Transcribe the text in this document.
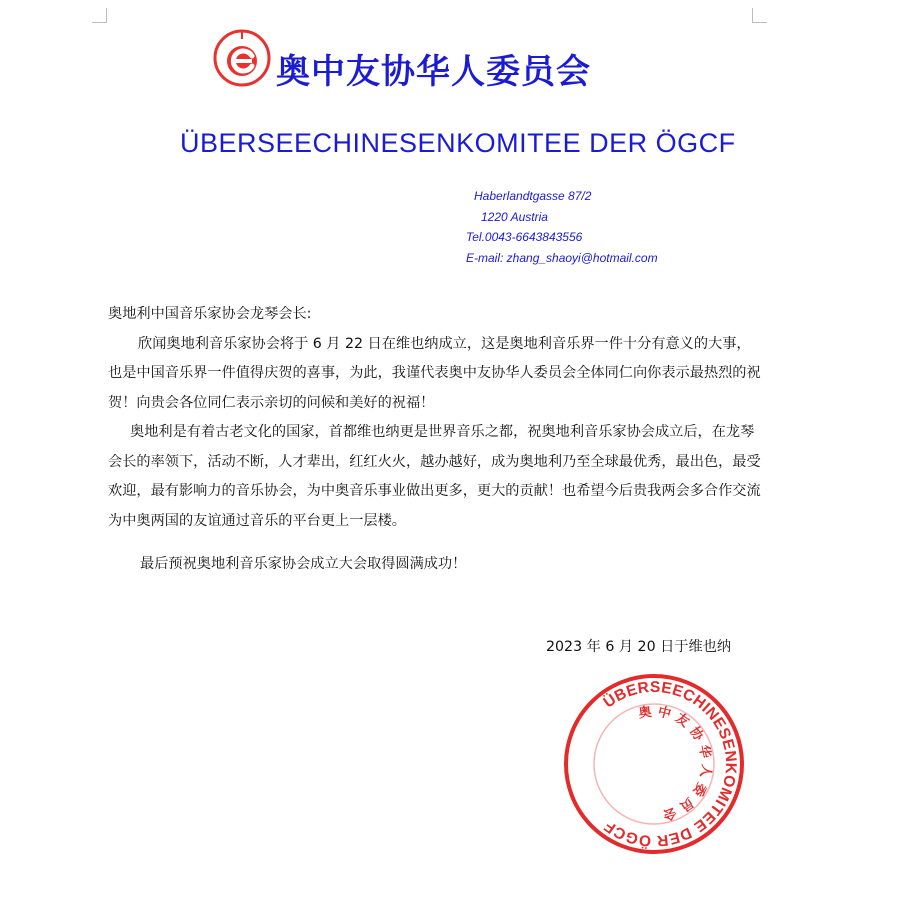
奥中友协华人委员会
ÜBERSEECHINESENKOMITEE DER ÖGCF
Haberlandtgasse 87/2
1220 Austria
Tel.0043-6643843556
E-mail: zhang_shaoyi@hotmail.com

奥地利中国音乐家协会龙琴会长:

欣闻奥地利音乐家协会将于 6 月 22 日在维也纳成立，这是奥地利音乐界一件十分有意义的大事，也是中国音乐界一件值得庆贺的喜事，为此，我谨代表奥中友协华人委员会全体同仁向你表示最热烈的祝贺！向贵会各位同仁表示亲切的问候和美好的祝福！

奥地利是有着古老文化的国家，首都维也纳更是世界音乐之都，祝奥地利音乐家协会成立后，在龙琴会长的率领下，活动不断，人才辈出，红红火火，越办越好，成为奥地利乃至全球最优秀，最出色，最受欢迎，最有影响力的音乐协会，为中奥音乐事业做出更多，更大的贡献！也希望今后贵我两会多合作交流为中奥两国的友谊通过音乐的平台更上一层楼。

最后预祝奥地利音乐家协会成立大会取得圆满成功！

2023 年 6 月 20 日于维也纳
ÜBERSEECHINESENKOMITEE DER ÖGCF
奥中友协华人委员会
